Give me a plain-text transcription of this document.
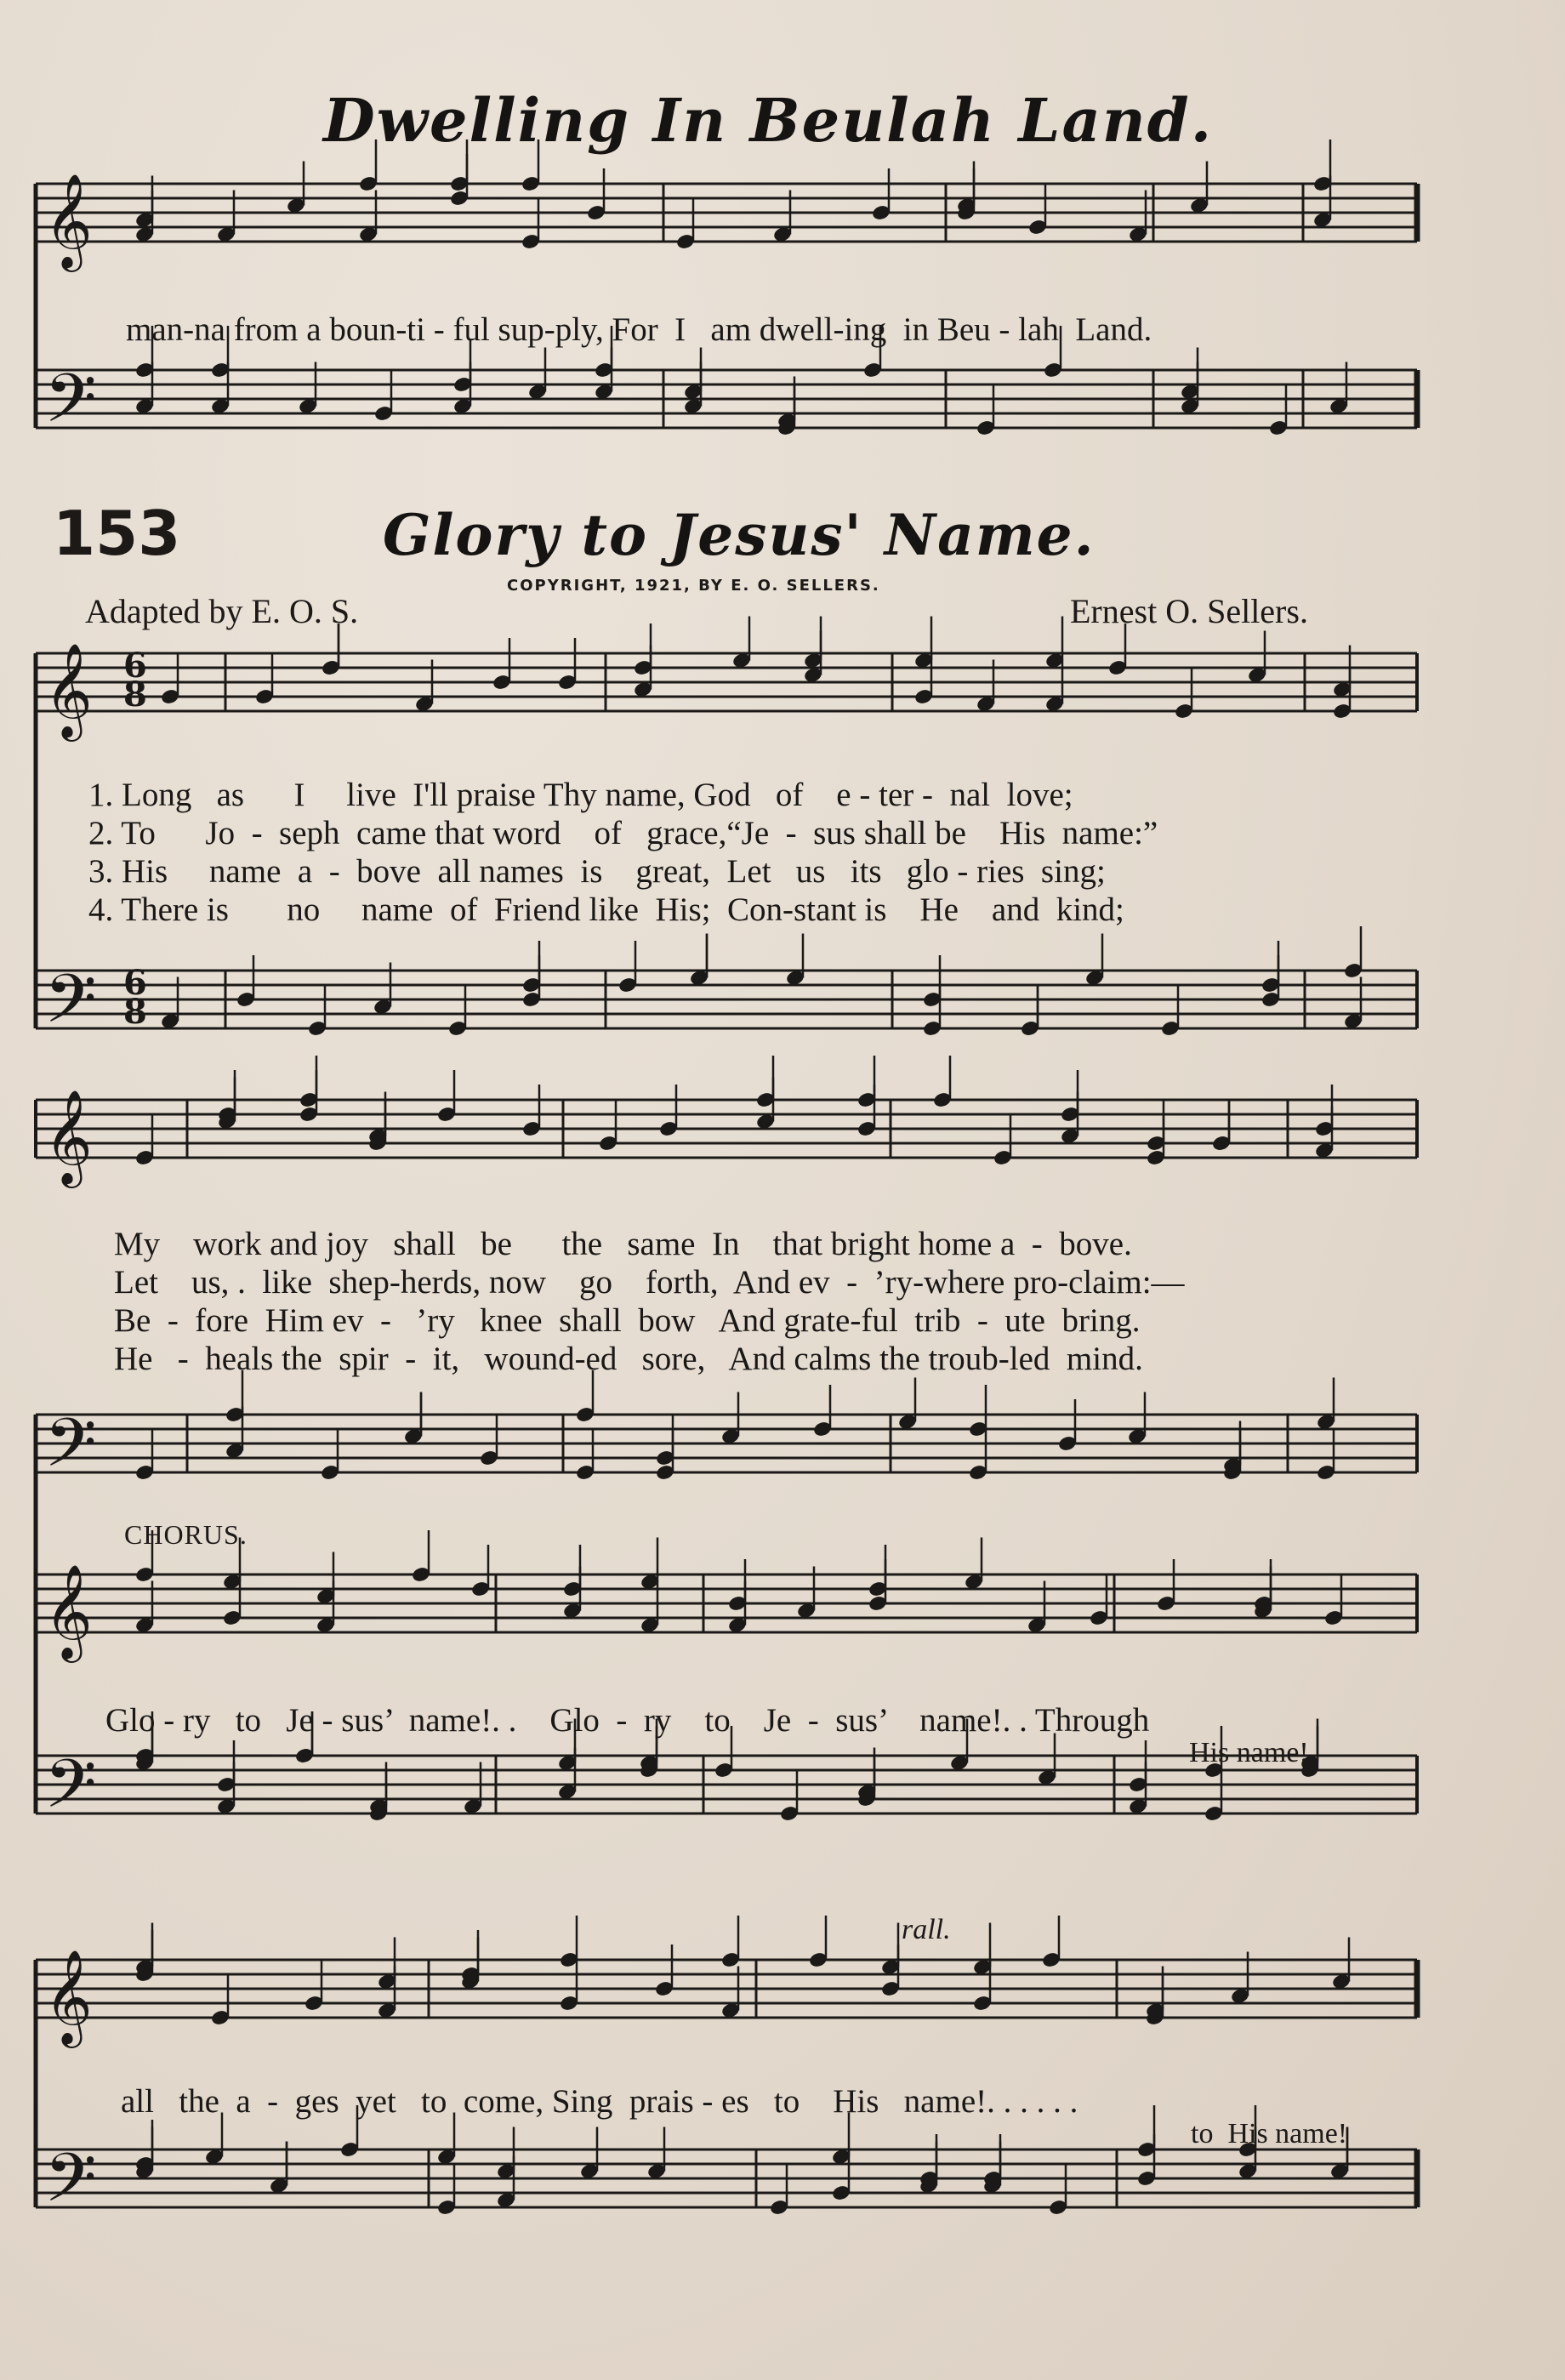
𝄞
𝄢
𝄞
𝄢
𝄞
𝄢
𝄞
𝄢
𝄞
𝄢
6
8
6
8
Dwelling In Beulah Land.
man-na from a boun-ti - ful sup-ply, For  I   am dwell-ing  in Beu - lah  Land.
153	Glory to Jesus' Name.
COPYRIGHT, 1921, BY E. O. SELLERS.
Adapted by E. O. S.	Ernest O. Sellers.
1. Long   as      I     live  I'll praise Thy name, God   of    e - ter -  nal  love;
2. To      Jo  -  seph  came that word    of   grace,“Je  -  sus shall be    His  name:”
3. His     name  a  -  bove  all names  is    great,  Let   us   its   glo - ries  sing;
4. There is       no     name  of  Friend like  His;  Con-stant is    He    and  kind;
My    work and joy   shall   be      the   same  In    that bright home a  -  bove.
Let    us, .  like  shep-herds, now    go    forth,  And ev  -  ’ry-where pro-claim:—
Be  -  fore  Him ev  -   ’ry   knee  shall  bow   And grate-ful  trib  -  ute  bring.
He   -  heals the  spir  -  it,   wound-ed   sore,   And calms the troub-led  mind.
CHORUS.
Glo - ry   to   Je - sus’  name!. .    Glo  -  ry    to    Je  -  sus’    name!. . Through
His name!
rall.
all   the  a  -  ges  yet   to  come, Sing  prais - es   to    His   name!. . . . . .
to  His name!
